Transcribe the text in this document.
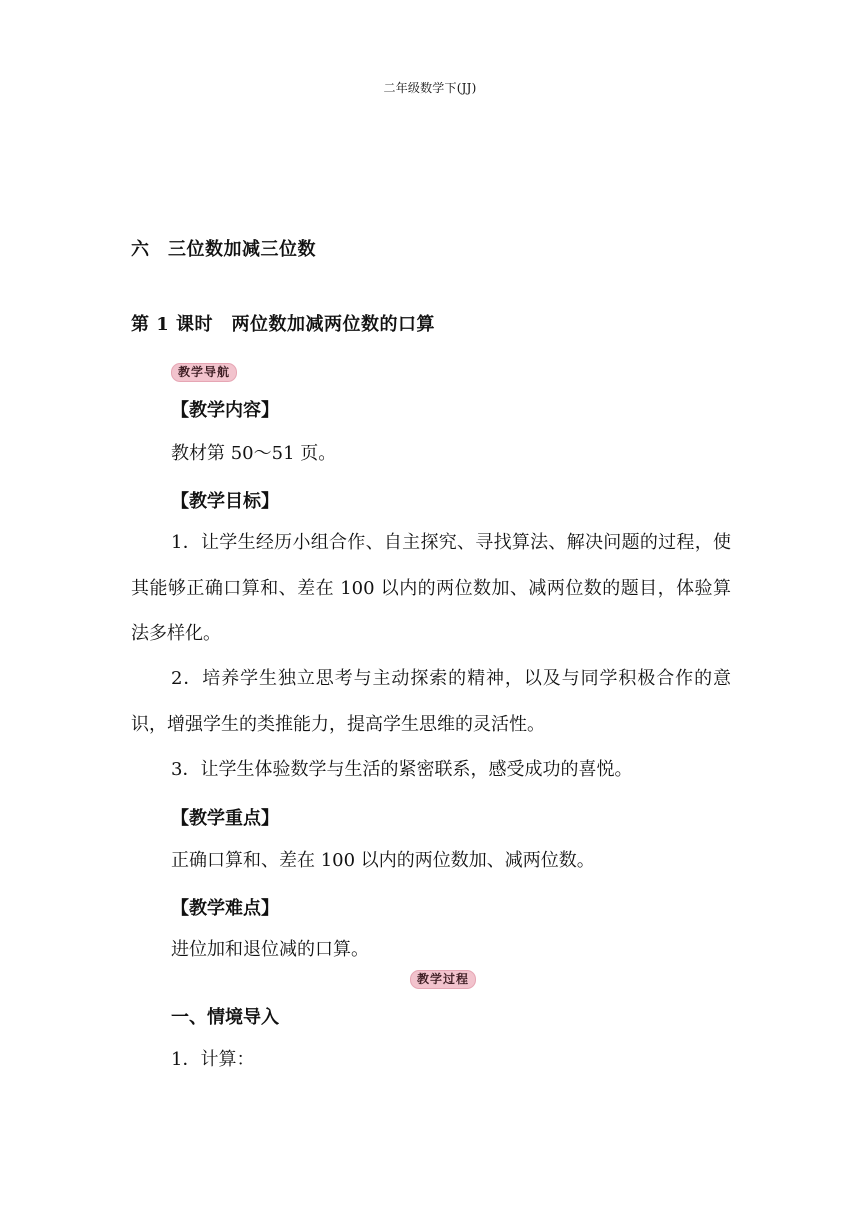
二年级数学下(JJ)
六　三位数加减三位数
第 1 课时　两位数加减两位数的口算
教学导航
【教学内容】
教材第 50～51 页。
【教学目标】
1．让学生经历小组合作、自主探究、寻找算法、解决问题的过程，使其能够正确口算和、差在 100 以内的两位数加、减两位数的题目，体验算法多样化。
2．培养学生独立思考与主动探索的精神，以及与同学积极合作的意识，增强学生的类推能力，提高学生思维的灵活性。
3．让学生体验数学与生活的紧密联系，感受成功的喜悦。
【教学重点】
正确口算和、差在 100 以内的两位数加、减两位数。
【教学难点】
进位加和退位减的口算。
教学过程
一、情境导入
1．计算：
